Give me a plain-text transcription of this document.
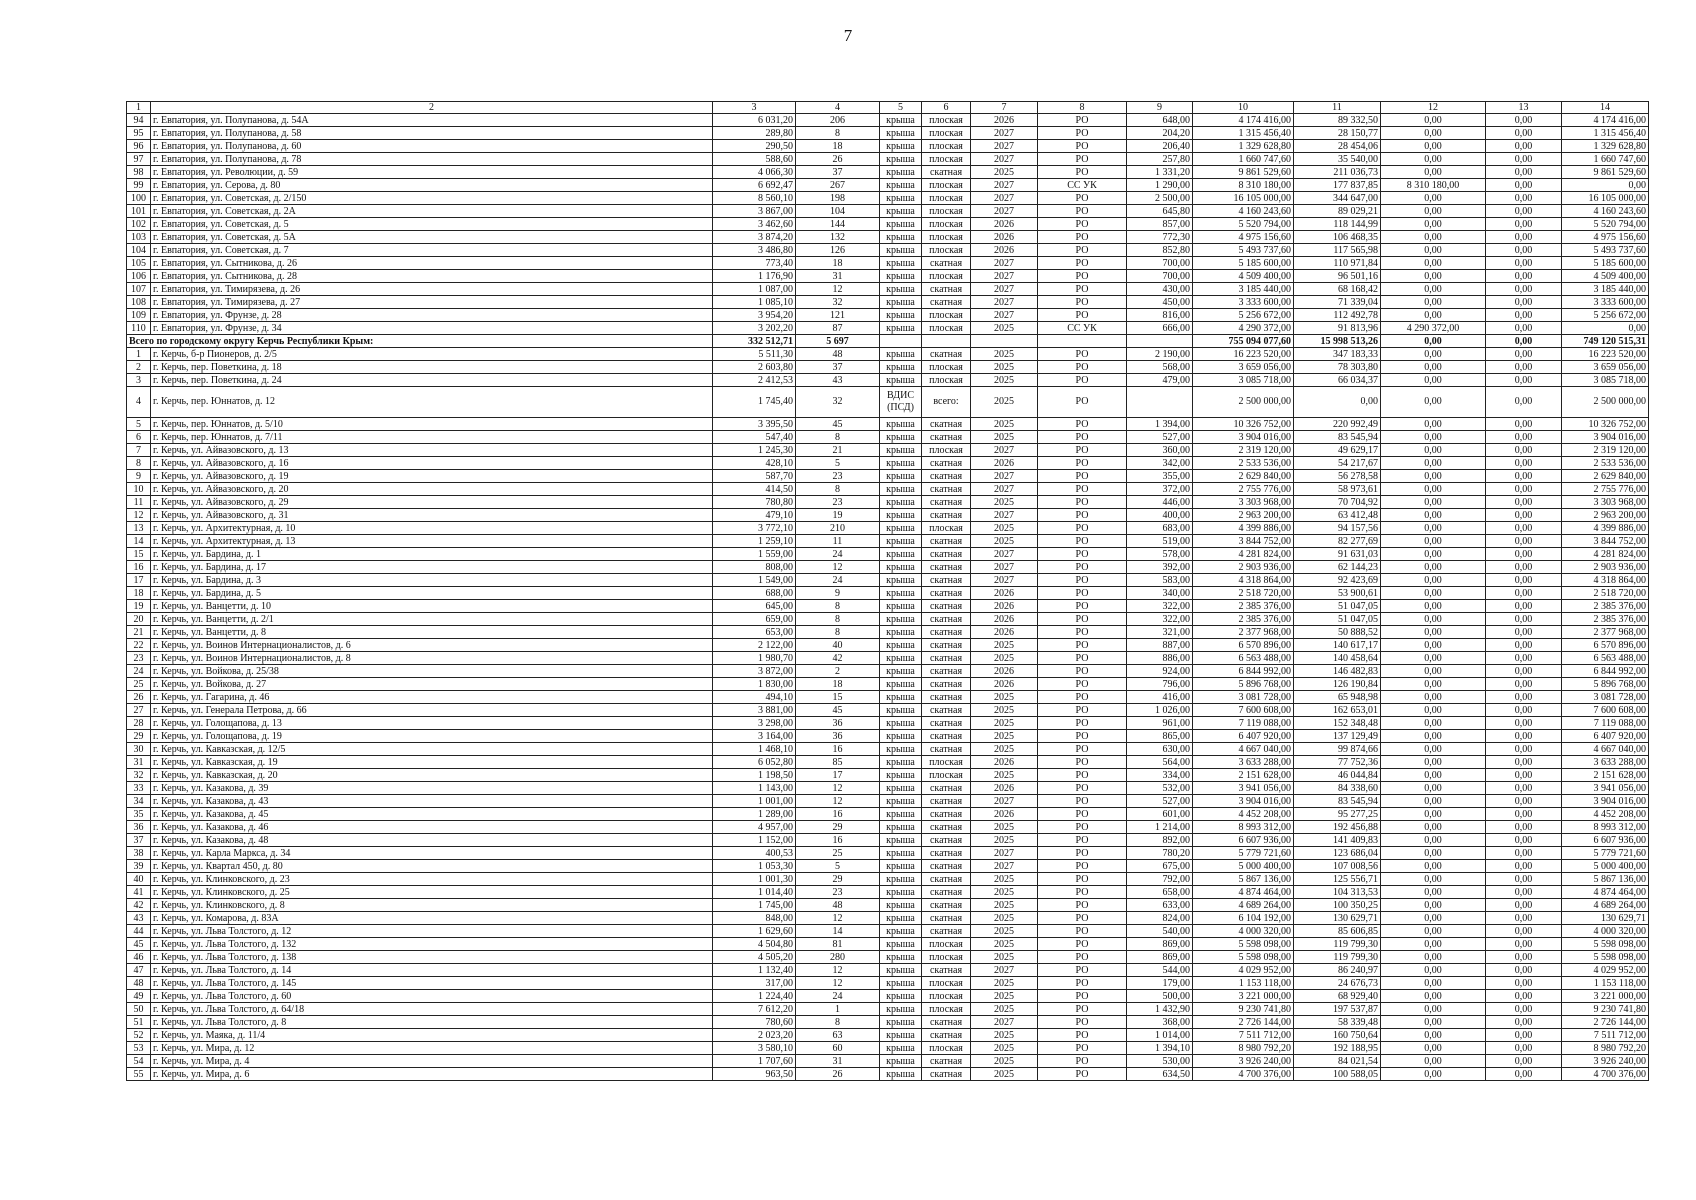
7
1	2	3	4	5	6	7	8	9	10	11	12	13	14
94	г. Евпатория, ул. Полупанова, д. 54А	6 031,20	206	крыша	плоская	2026	РО	648,00	4 174 416,00	89 332,50	0,00	0,00	4 174 416,00
95	г. Евпатория, ул. Полупанова, д. 58	289,80	8	крыша	плоская	2027	РО	204,20	1 315 456,40	28 150,77	0,00	0,00	1 315 456,40
96	г. Евпатория, ул. Полупанова, д. 60	290,50	18	крыша	плоская	2027	РО	206,40	1 329 628,80	28 454,06	0,00	0,00	1 329 628,80
97	г. Евпатория, ул. Полупанова, д. 78	588,60	26	крыша	плоская	2027	РО	257,80	1 660 747,60	35 540,00	0,00	0,00	1 660 747,60
98	г. Евпатория, ул. Революции, д. 59	4 066,30	37	крыша	скатная	2025	РО	1 331,20	9 861 529,60	211 036,73	0,00	0,00	9 861 529,60
99	г. Евпатория, ул. Серова, д. 80	6 692,47	267	крыша	плоская	2027	СС УК	1 290,00	8 310 180,00	177 837,85	8 310 180,00	0,00	0,00
100	г. Евпатория, ул. Советская, д. 2/150	8 560,10	198	крыша	плоская	2027	РО	2 500,00	16 105 000,00	344 647,00	0,00	0,00	16 105 000,00
101	г. Евпатория, ул. Советская, д. 2А	3 867,00	104	крыша	плоская	2027	РО	645,80	4 160 243,60	89 029,21	0,00	0,00	4 160 243,60
102	г. Евпатория, ул. Советская, д. 5	3 462,60	144	крыша	плоская	2026	РО	857,00	5 520 794,00	118 144,99	0,00	0,00	5 520 794,00
103	г. Евпатория, ул. Советская, д. 5А	3 874,20	132	крыша	плоская	2026	РО	772,30	4 975 156,60	106 468,35	0,00	0,00	4 975 156,60
104	г. Евпатория, ул. Советская, д. 7	3 486,80	126	крыша	плоская	2026	РО	852,80	5 493 737,60	117 565,98	0,00	0,00	5 493 737,60
105	г. Евпатория, ул. Сытникова, д. 26	773,40	18	крыша	скатная	2027	РО	700,00	5 185 600,00	110 971,84	0,00	0,00	5 185 600,00
106	г. Евпатория, ул. Сытникова, д. 28	1 176,90	31	крыша	плоская	2027	РО	700,00	4 509 400,00	96 501,16	0,00	0,00	4 509 400,00
107	г. Евпатория, ул. Тимирязева, д. 26	1 087,00	12	крыша	скатная	2027	РО	430,00	3 185 440,00	68 168,42	0,00	0,00	3 185 440,00
108	г. Евпатория, ул. Тимирязева, д. 27	1 085,10	32	крыша	скатная	2027	РО	450,00	3 333 600,00	71 339,04	0,00	0,00	3 333 600,00
109	г. Евпатория, ул. Фрунзе, д. 28	3 954,20	121	крыша	плоская	2027	РО	816,00	5 256 672,00	112 492,78	0,00	0,00	5 256 672,00
110	г. Евпатория, ул. Фрунзе, д. 34	3 202,20	87	крыша	плоская	2025	СС УК	666,00	4 290 372,00	91 813,96	4 290 372,00	0,00	0,00
Всего по городскому округу Керчь Республики Крым:		332 512,71	5 697						755 094 077,60	15 998 513,26	0,00	0,00	749 120 515,31
1	г. Керчь, б-р Пионеров, д. 2/5	5 511,30	48	крыша	скатная	2025	РО	2 190,00	16 223 520,00	347 183,33	0,00	0,00	16 223 520,00
2	г. Керчь, пер. Поветкина, д. 18	2 603,80	37	крыша	плоская	2025	РО	568,00	3 659 056,00	78 303,80	0,00	0,00	3 659 056,00
3	г. Керчь, пер. Поветкина, д. 24	2 412,53	43	крыша	плоская	2025	РО	479,00	3 085 718,00	66 034,37	0,00	0,00	3 085 718,00
4	г. Керчь, пер. Юннатов, д. 12	1 745,40	32	ВДИС (ПСД)	всего:	2025	РО		2 500 000,00	0,00	0,00	0,00	2 500 000,00
5	г. Керчь, пер. Юннатов, д. 5/10	3 395,50	45	крыша	скатная	2025	РО	1 394,00	10 326 752,00	220 992,49	0,00	0,00	10 326 752,00
6	г. Керчь, пер. Юннатов, д. 7/11	547,40	8	крыша	скатная	2025	РО	527,00	3 904 016,00	83 545,94	0,00	0,00	3 904 016,00
7	г. Керчь, ул. Айвазовского, д. 13	1 245,30	21	крыша	плоская	2027	РО	360,00	2 319 120,00	49 629,17	0,00	0,00	2 319 120,00
8	г. Керчь, ул. Айвазовского, д. 16	428,10	5	крыша	скатная	2026	РО	342,00	2 533 536,00	54 217,67	0,00	0,00	2 533 536,00
9	г. Керчь, ул. Айвазовского, д. 19	587,70	23	крыша	скатная	2027	РО	355,00	2 629 840,00	56 278,58	0,00	0,00	2 629 840,00
10	г. Керчь, ул. Айвазовского, д. 20	414,50	8	крыша	скатная	2027	РО	372,00	2 755 776,00	58 973,61	0,00	0,00	2 755 776,00
11	г. Керчь, ул. Айвазовского, д. 29	780,80	23	крыша	скатная	2025	РО	446,00	3 303 968,00	70 704,92	0,00	0,00	3 303 968,00
12	г. Керчь, ул. Айвазовского, д. 31	479,10	19	крыша	скатная	2027	РО	400,00	2 963 200,00	63 412,48	0,00	0,00	2 963 200,00
13	г. Керчь, ул. Архитектурная, д. 10	3 772,10	210	крыша	плоская	2025	РО	683,00	4 399 886,00	94 157,56	0,00	0,00	4 399 886,00
14	г. Керчь, ул. Архитектурная, д. 13	1 259,10	11	крыша	скатная	2025	РО	519,00	3 844 752,00	82 277,69	0,00	0,00	3 844 752,00
15	г. Керчь, ул. Бардина, д. 1	1 559,00	24	крыша	скатная	2027	РО	578,00	4 281 824,00	91 631,03	0,00	0,00	4 281 824,00
16	г. Керчь, ул. Бардина, д. 17	808,00	12	крыша	скатная	2027	РО	392,00	2 903 936,00	62 144,23	0,00	0,00	2 903 936,00
17	г. Керчь, ул. Бардина, д. 3	1 549,00	24	крыша	скатная	2027	РО	583,00	4 318 864,00	92 423,69	0,00	0,00	4 318 864,00
18	г. Керчь, ул. Бардина, д. 5	688,00	9	крыша	скатная	2026	РО	340,00	2 518 720,00	53 900,61	0,00	0,00	2 518 720,00
19	г. Керчь, ул. Ванцетти, д. 10	645,00	8	крыша	скатная	2026	РО	322,00	2 385 376,00	51 047,05	0,00	0,00	2 385 376,00
20	г. Керчь, ул. Ванцетти, д. 2/1	659,00	8	крыша	скатная	2026	РО	322,00	2 385 376,00	51 047,05	0,00	0,00	2 385 376,00
21	г. Керчь, ул. Ванцетти, д. 8	653,00	8	крыша	скатная	2026	РО	321,00	2 377 968,00	50 888,52	0,00	0,00	2 377 968,00
22	г. Керчь, ул. Воинов Интернационалистов, д. 6	2 122,00	40	крыша	скатная	2025	РО	887,00	6 570 896,00	140 617,17	0,00	0,00	6 570 896,00
23	г. Керчь, ул. Воинов Интернационалистов, д. 8	1 980,70	42	крыша	скатная	2025	РО	886,00	6 563 488,00	140 458,64	0,00	0,00	6 563 488,00
24	г. Керчь, ул. Войкова, д. 25/38	3 872,00	2	крыша	скатная	2026	РО	924,00	6 844 992,00	146 482,83	0,00	0,00	6 844 992,00
25	г. Керчь, ул. Войкова, д. 27	1 830,00	18	крыша	скатная	2026	РО	796,00	5 896 768,00	126 190,84	0,00	0,00	5 896 768,00
26	г. Керчь, ул. Гагарина, д. 46	494,10	15	крыша	скатная	2025	РО	416,00	3 081 728,00	65 948,98	0,00	0,00	3 081 728,00
27	г. Керчь, ул. Генерала Петрова, д. 66	3 881,00	45	крыша	скатная	2025	РО	1 026,00	7 600 608,00	162 653,01	0,00	0,00	7 600 608,00
28	г. Керчь, ул. Голощапова, д. 13	3 298,00	36	крыша	скатная	2025	РО	961,00	7 119 088,00	152 348,48	0,00	0,00	7 119 088,00
29	г. Керчь, ул. Голощапова, д. 19	3 164,00	36	крыша	скатная	2025	РО	865,00	6 407 920,00	137 129,49	0,00	0,00	6 407 920,00
30	г. Керчь, ул. Кавказская, д. 12/5	1 468,10	16	крыша	скатная	2025	РО	630,00	4 667 040,00	99 874,66	0,00	0,00	4 667 040,00
31	г. Керчь, ул. Кавказская, д. 19	6 052,80	85	крыша	плоская	2026	РО	564,00	3 633 288,00	77 752,36	0,00	0,00	3 633 288,00
32	г. Керчь, ул. Кавказская, д. 20	1 198,50	17	крыша	плоская	2025	РО	334,00	2 151 628,00	46 044,84	0,00	0,00	2 151 628,00
33	г. Керчь, ул. Казакова, д. 39	1 143,00	12	крыша	скатная	2026	РО	532,00	3 941 056,00	84 338,60	0,00	0,00	3 941 056,00
34	г. Керчь, ул. Казакова, д. 43	1 001,00	12	крыша	скатная	2027	РО	527,00	3 904 016,00	83 545,94	0,00	0,00	3 904 016,00
35	г. Керчь, ул. Казакова, д. 45	1 289,00	16	крыша	скатная	2026	РО	601,00	4 452 208,00	95 277,25	0,00	0,00	4 452 208,00
36	г. Керчь, ул. Казакова, д. 46	4 957,00	29	крыша	скатная	2025	РО	1 214,00	8 993 312,00	192 456,88	0,00	0,00	8 993 312,00
37	г. Керчь, ул. Казакова, д. 48	1 152,00	16	крыша	скатная	2025	РО	892,00	6 607 936,00	141 409,83	0,00	0,00	6 607 936,00
38	г. Керчь, ул. Карла Маркса, д. 34	400,53	25	крыша	скатная	2027	РО	780,20	5 779 721,60	123 686,04	0,00	0,00	5 779 721,60
39	г. Керчь, ул. Квартал 450, д. 80	1 053,30	5	крыша	скатная	2027	РО	675,00	5 000 400,00	107 008,56	0,00	0,00	5 000 400,00
40	г. Керчь, ул. Клинковского, д. 23	1 001,30	29	крыша	скатная	2025	РО	792,00	5 867 136,00	125 556,71	0,00	0,00	5 867 136,00
41	г. Керчь, ул. Клинковского, д. 25	1 014,40	23	крыша	скатная	2025	РО	658,00	4 874 464,00	104 313,53	0,00	0,00	4 874 464,00
42	г. Керчь, ул. Клинковского, д. 8	1 745,00	48	крыша	скатная	2025	РО	633,00	4 689 264,00	100 350,25	0,00	0,00	4 689 264,00
43	г. Керчь, ул. Комарова, д. 83А	848,00	12	крыша	скатная	2025	РО	824,00	6 104 192,00	130 629,71	0,00	0,00	130 629,71
44	г. Керчь, ул. Льва Толстого, д. 12	1 629,60	14	крыша	скатная	2025	РО	540,00	4 000 320,00	85 606,85	0,00	0,00	4 000 320,00
45	г. Керчь, ул. Льва Толстого, д. 132	4 504,80	81	крыша	плоская	2025	РО	869,00	5 598 098,00	119 799,30	0,00	0,00	5 598 098,00
46	г. Керчь, ул. Льва Толстого, д. 138	4 505,20	280	крыша	плоская	2025	РО	869,00	5 598 098,00	119 799,30	0,00	0,00	5 598 098,00
47	г. Керчь, ул. Льва Толстого, д. 14	1 132,40	12	крыша	скатная	2027	РО	544,00	4 029 952,00	86 240,97	0,00	0,00	4 029 952,00
48	г. Керчь, ул. Льва Толстого, д. 145	317,00	12	крыша	плоская	2025	РО	179,00	1 153 118,00	24 676,73	0,00	0,00	1 153 118,00
49	г. Керчь, ул. Льва Толстого, д. 60	1 224,40	24	крыша	плоская	2025	РО	500,00	3 221 000,00	68 929,40	0,00	0,00	3 221 000,00
50	г. Керчь, ул. Льва Толстого, д. 64/18	7 612,20	1	крыша	плоская	2025	РО	1 432,90	9 230 741,80	197 537,87	0,00	0,00	9 230 741,80
51	г. Керчь, ул. Льва Толстого, д. 8	780,60	8	крыша	скатная	2027	РО	368,00	2 726 144,00	58 339,48	0,00	0,00	2 726 144,00
52	г. Керчь, ул. Маяка, д. 11/4	2 023,20	63	крыша	скатная	2025	РО	1 014,00	7 511 712,00	160 750,64	0,00	0,00	7 511 712,00
53	г. Керчь, ул. Мира, д. 12	3 580,10	60	крыша	плоская	2025	РО	1 394,10	8 980 792,20	192 188,95	0,00	0,00	8 980 792,20
54	г. Керчь, ул. Мира, д. 4	1 707,60	31	крыша	скатная	2025	РО	530,00	3 926 240,00	84 021,54	0,00	0,00	3 926 240,00
55	г. Керчь, ул. Мира, д. 6	963,50	26	крыша	скатная	2025	РО	634,50	4 700 376,00	100 588,05	0,00	0,00	4 700 376,00
